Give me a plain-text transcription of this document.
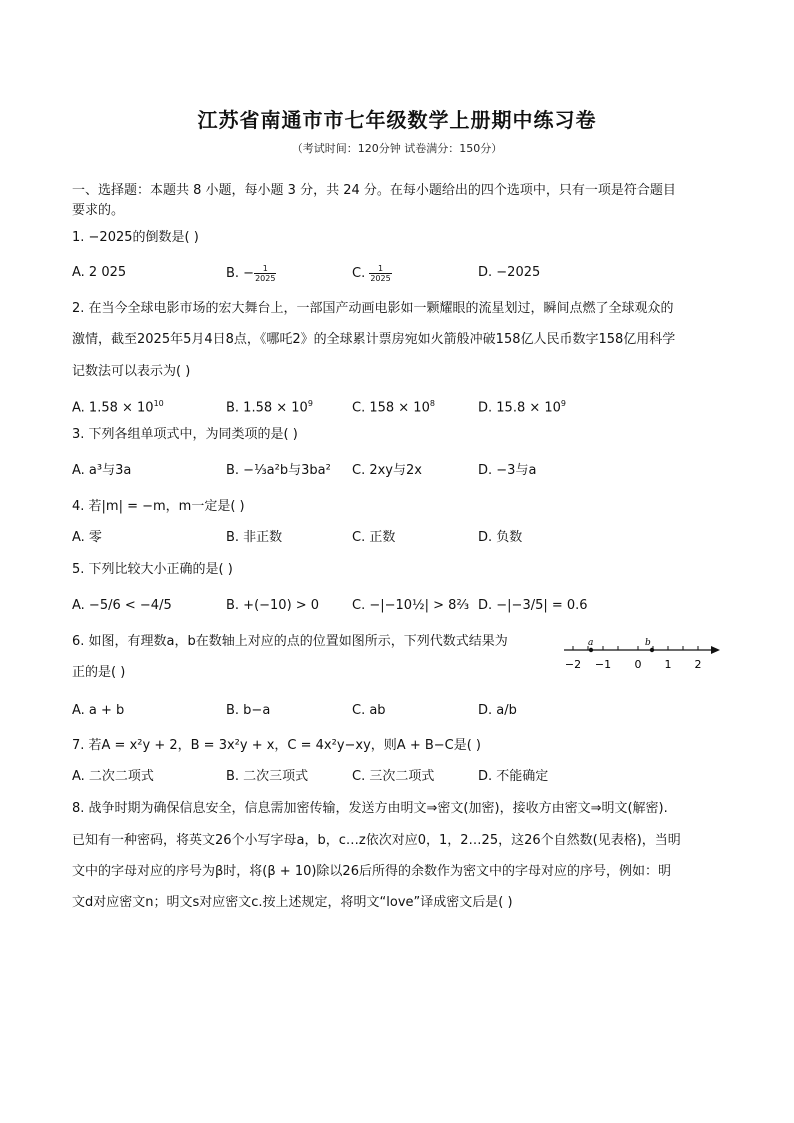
江苏省南通市市七年级数学上册期中练习卷
（考试时间：120分钟 试卷满分：150分）
一、选择题：本题共 8 小题，每小题 3 分，共 24 分。在每小题给出的四个选项中，只有一项是符合题目
要求的。
1. −2025的倒数是( )
A. 2 025	B. − $\frac{1}{2025}$	C. $\frac{1}{2025}$	D. −2025
2. 在当今全球电影市场的宏大舞台上，一部国产动画电影如一颗耀眼的流星划过，瞬间点燃了全球观众的
激情，截至2025年5月4日8点，《哪吒2》的全球累计票房宛如火箭般冲破158亿人民币数字158亿用科学
记数法可以表示为( )
A. $1.58 \times 10^{10}$	B. $1.58 \times 10^9$	C. $158 \times 10^8$	D. $15.8 \times 10^9$
3. 下列各组单项式中，为同类项的是( )
A. a³与3a	B. −⅓a²b与3ba² C. 2xy与2x	D. −3与a
4. 若|m| = −m，m一定是( )
A. 零	B. 非正数	C. 正数	D. 负数
5. 下列比较大小正确的是( )
A. −5/6 < −4/5	B. +(−10) > 0	C. −|−10½| > 8⅔ D. −|−3/5| = 0.6
6. 如图，有理数a，b在数轴上对应的点的位置如图所示，下列代数式结果为
正的是( )
a	b
−2 −1 0 1 2
A. a + b	B. b−a	C. ab	D. a/b
7. 若A = x²y + 2，B = 3x²y + x，C = 4x²y−xy，则A + B−C是( )
A. 二次二项式	B. 二次三项式	C. 三次二项式	D. 不能确定
8. 战争时期为确保信息安全，信息需加密传输，发送方由明文⇒密文(加密)，接收方由密文⇒明文(解密).
已知有一种密码，将英文26个小写字母a，b，c…z依次对应0，1，2…25，这26个自然数(见表格)，当明
文中的字母对应的序号为β时，将(β + 10)除以26后所得的余数作为密文中的字母对应的序号，例如：明
文d对应密文n；明文s对应密文c.按上述规定，将明文“love”译成密文后是( )
